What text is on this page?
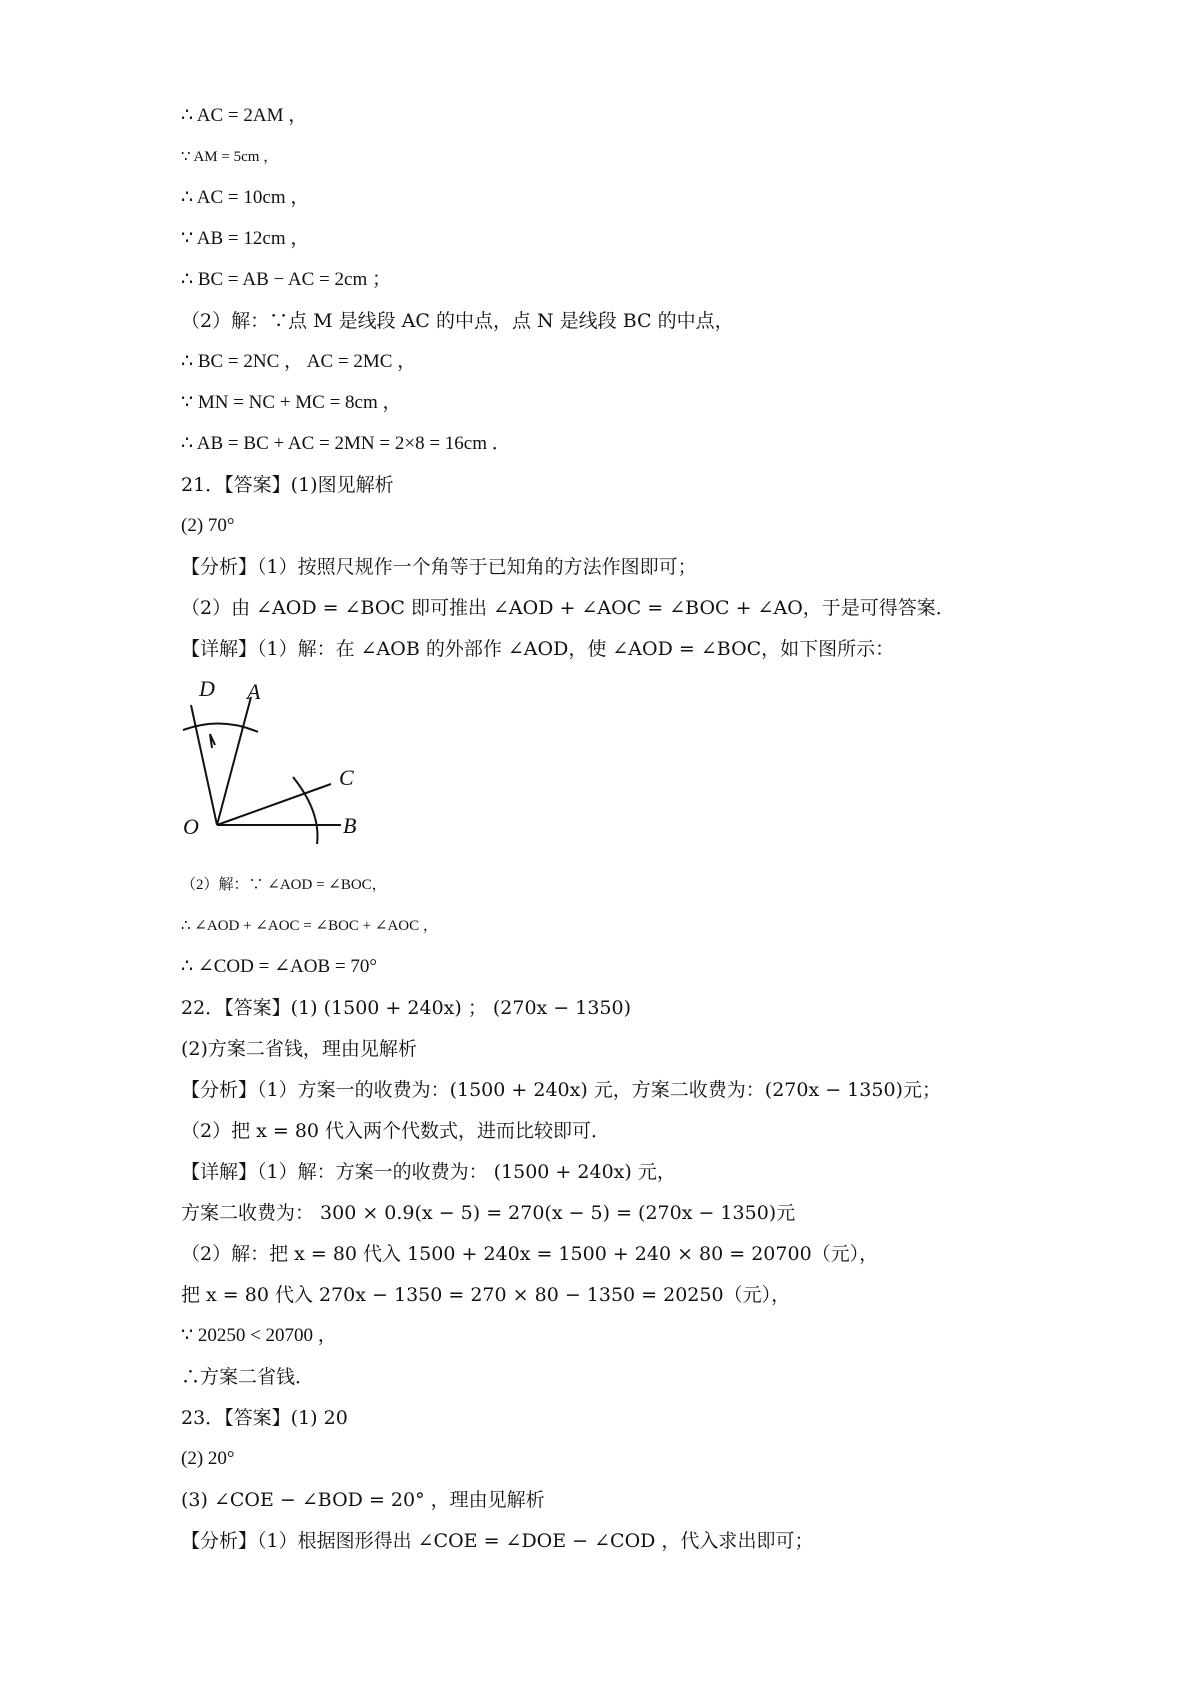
∴ AC = 2AM ，
∵ AM = 5cm ，
∴ AC = 10cm ，
∵ AB = 12cm ，
∴ BC = AB − AC = 2cm ；
（2）解：∵点 M 是线段 AC 的中点，点 N 是线段 BC 的中点，
∴ BC = 2NC ， AC = 2MC ，
∵ MN = NC + MC = 8cm ，
∴ AB = BC + AC = 2MN = 2×8 = 16cm ．
21．【答案】(1)图见解析
(2) 70°
【分析】（1）按照尺规作一个角等于已知角的方法作图即可；
（2）由 ∠AOD = ∠BOC 即可推出 ∠AOD + ∠AOC = ∠BOC + ∠AO，于是可得答案．
【详解】（1）解：在 ∠AOB 的外部作 ∠AOD，使 ∠AOD = ∠BOC，如下图所示：
D A
C
O	B
（2）解：∵ ∠AOD = ∠BOC，
∴ ∠AOD + ∠AOC = ∠BOC + ∠AOC ，
∴ ∠COD = ∠AOB = 70°
22．【答案】(1) (1500 + 240x) ； (270x − 1350)
(2)方案二省钱，理由见解析
【分析】（1）方案一的收费为：(1500 + 240x) 元，方案二收费为：(270x − 1350)元；
（2）把 x = 80 代入两个代数式，进而比较即可．
【详解】（1）解：方案一的收费为： (1500 + 240x) 元，
方案二收费为： 300 × 0.9(x − 5) = 270(x − 5) = (270x − 1350)元
（2）解：把 x = 80 代入 1500 + 240x = 1500 + 240 × 80 = 20700（元），
把 x = 80 代入 270x − 1350 = 270 × 80 − 1350 = 20250（元），
∵ 20250 < 20700 ，
∴方案二省钱．
23．【答案】(1) 20
(2) 20°
(3) ∠COE − ∠BOD = 20° ，理由见解析
【分析】（1）根据图形得出 ∠COE = ∠DOE − ∠COD ，代入求出即可；
